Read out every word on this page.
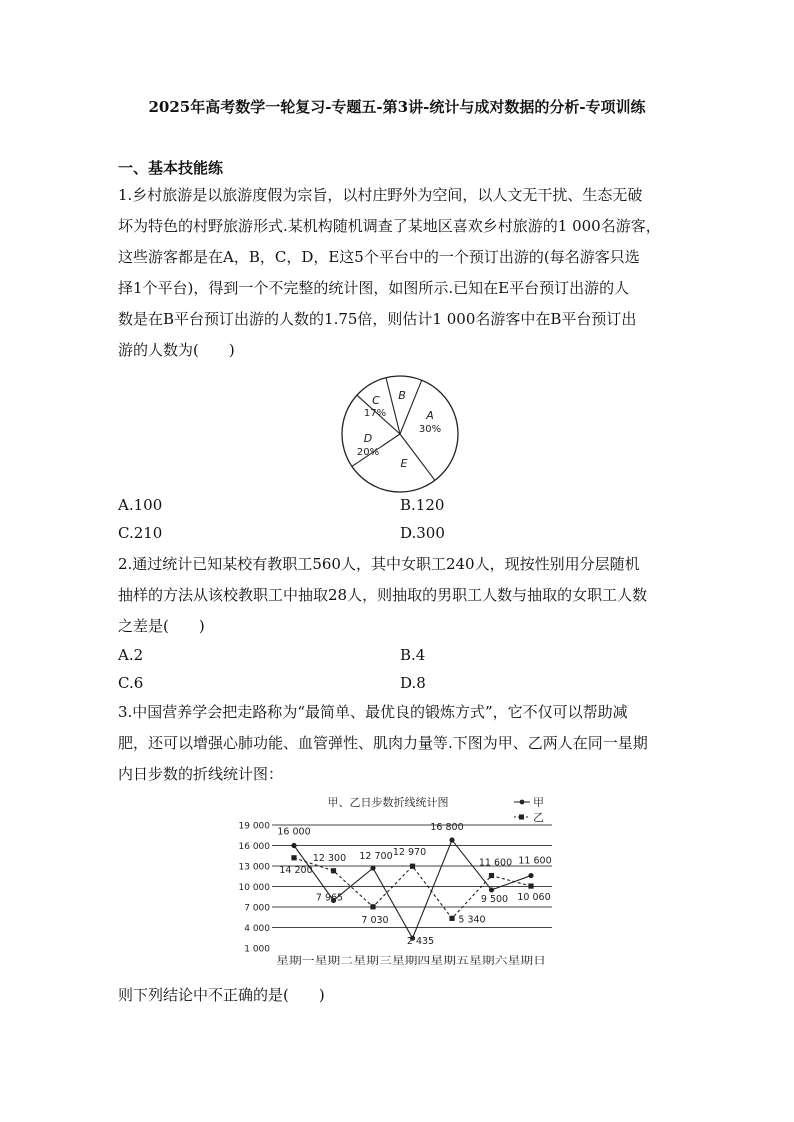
2025年高考数学一轮复习-专题五-第3讲-统计与成对数据的分析-专项训练
一、基本技能练
1.乡村旅游是以旅游度假为宗旨，以村庄野外为空间，以人文无干扰、生态无破
坏为特色的村野旅游形式.某机构随机调查了某地区喜欢乡村旅游的1 000名游客，
这些游客都是在A，B，C，D，E这5个平台中的一个预订出游的(每名游客只选
择1个平台)，得到一个不完整的统计图，如图所示.已知在E平台预订出游的人
数是在B平台预订出游的人数的1.75倍，则估计1 000名游客中在B平台预订出
游的人数为(　　)
A
30%
B
C
17%
D
20%
E
A.100	B.120
C.210	D.300
2.通过统计已知某校有教职工560人，其中女职工240人，现按性别用分层随机
抽样的方法从该校教职工中抽取28人，则抽取的男职工人数与抽取的女职工人数
之差是(　　)
A.2	B.4
C.6	D.8
3.中国营养学会把走路称为“最简单、最优良的锻炼方式”，它不仅可以帮助减
肥，还可以增强心肺功能、血管弹性、肌肉力量等.下图为甲、乙两人在同一星期
内日步数的折线统计图：
甲、乙日步数折线统计图	甲
乙
1 000
4 000
7 000
10 000
13 000
16 000
19 000
星期一星期二星期三星期四星期五星期六星期日
16 000
7 965
12 700
2 435
16 800
9 500
11 600
14 200
12 300
7 030
12 970
5 340
11 600
10 060
则下列结论中不正确的是(　　)
